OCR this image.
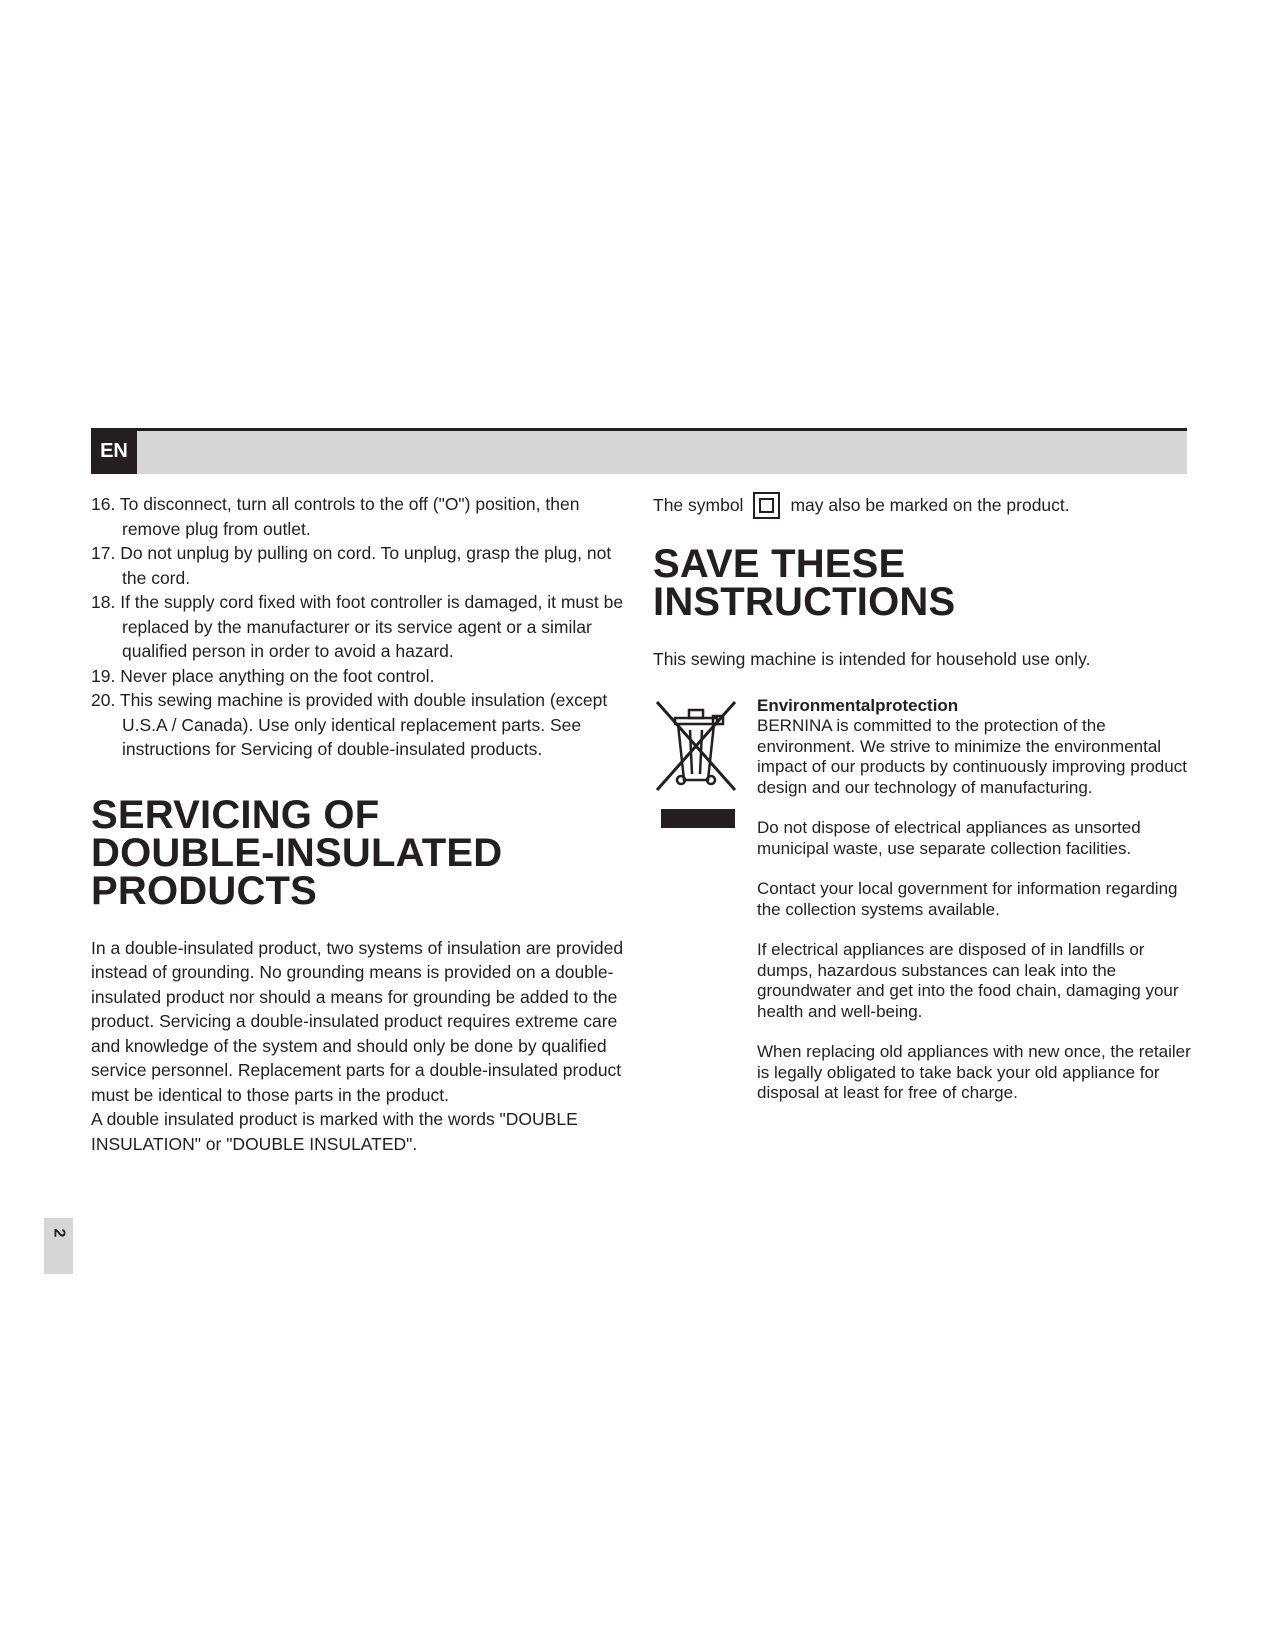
EN
16. To disconnect, turn all controls to the off ("O") position, then remove plug from outlet.
17. Do not unplug by pulling on cord. To unplug, grasp the plug, not the cord.
18. If the supply cord fixed with foot controller is damaged, it must be replaced by the manufacturer or its service agent or a similar qualified person in order to avoid a hazard.
19. Never place anything on the foot control.
20. This sewing machine is provided with double insulation (except U.S.A / Canada). Use only identical replacement parts. See instructions for Servicing of double-insulated products.
SERVICING OF
DOUBLE-INSULATED
PRODUCTS

In a double-insulated product, two systems of insulation are provided instead of grounding. No grounding means is provided on a double-insulated product nor should a means for grounding be added to the product. Servicing a double-insulated product requires extreme care and knowledge of the system and should only be done by qualified service personnel. Replacement parts for a double-insulated product must be identical to those parts in the product.

A double insulated product is marked with the words "DOUBLE INSULATION" or "DOUBLE INSULATED".

The symbol	may also be marked on the product.
SAVE THESE
INSTRUCTIONS

This sewing machine is intended for household use only.

Environmentalprotection
BERNINA is committed to the protection of the environment. We strive to minimize the environmental impact of our products by continuously improving product design and our technology of manufacturing.

Do not dispose of electrical appliances as unsorted municipal waste, use separate collection facilities.

Contact your local government for information regarding the collection systems available.

If electrical appliances are disposed of in landfills or dumps, hazardous substances can leak into the groundwater and get into the food chain, damaging your health and well-being.

When replacing old appliances with new once, the retailer is legally obligated to take back your old appliance for disposal at least for free of charge.

2
